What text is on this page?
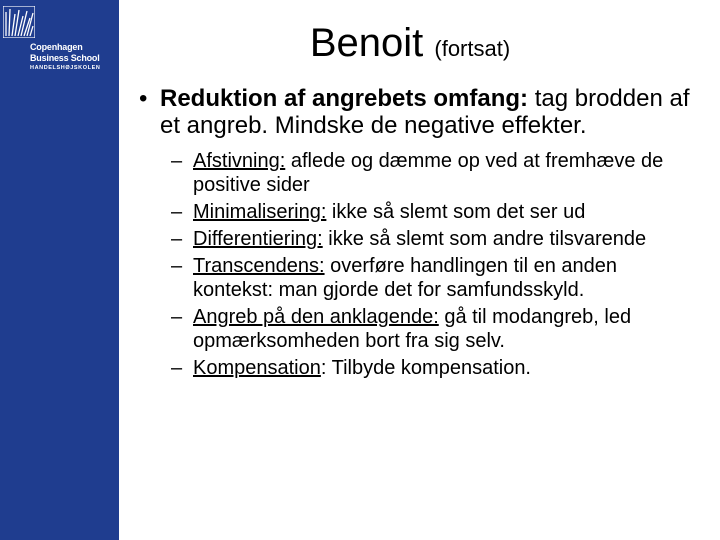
Copenhagen
Business School
HANDELSHØJSKOLEN
Benoit (fortsat)
• Reduktion af angrebets omfang: tag brodden af et angreb. Mindske de negative effekter.
– Afstivning: aflede og dæmme op ved at fremhæve de positive sider
– Minimalisering: ikke så slemt som det ser ud
– Differentiering: ikke så slemt som andre tilsvarende
– Transcendens: overføre handlingen til en anden kontekst: man gjorde det for samfundsskyld.
– Angreb på den anklagende: gå til modangreb, led opmærksomheden bort fra sig selv.
– Kompensation: Tilbyde kompensation.
